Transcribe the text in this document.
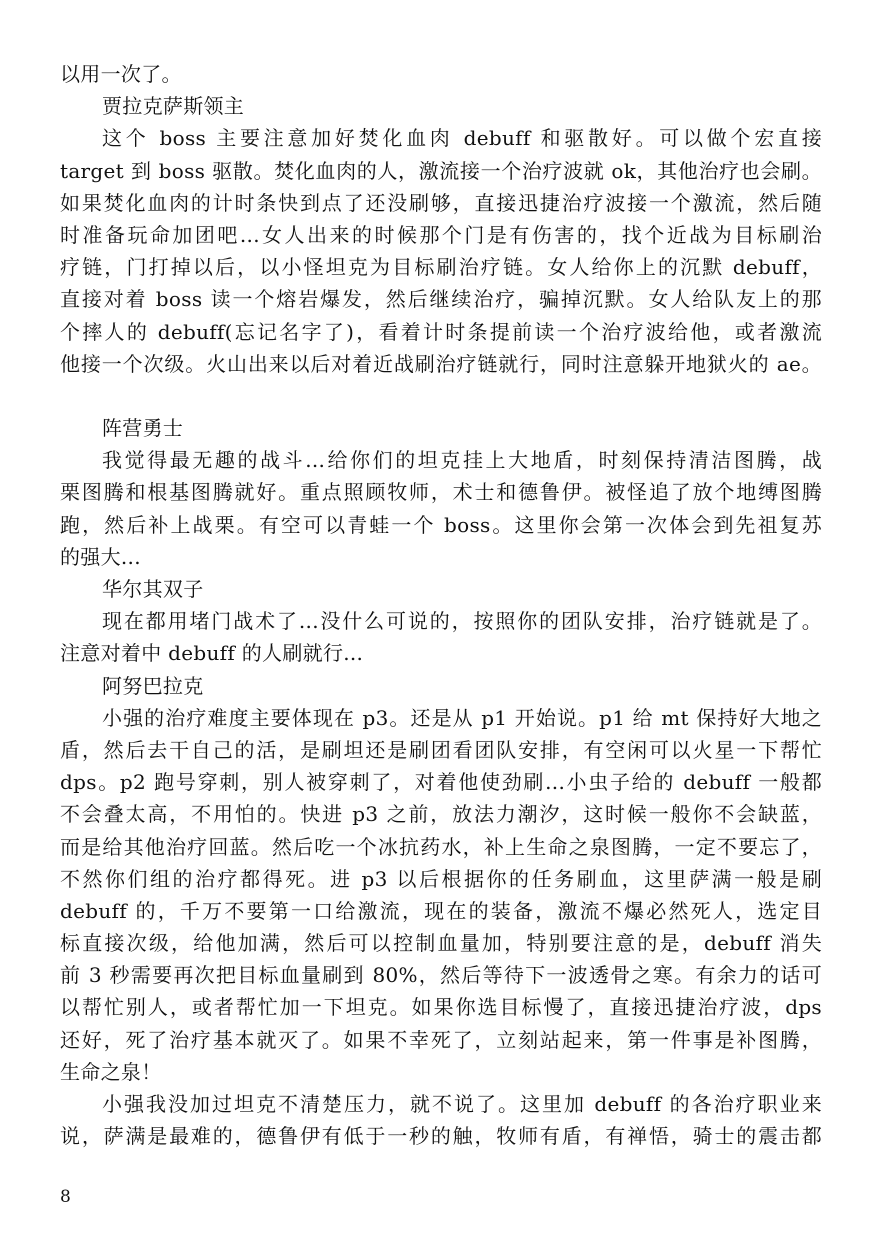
以用一次了。
贾拉克萨斯领主
这个 boss 主要注意加好焚化血肉 debuff 和驱散好。可以做个宏直接
target 到 boss 驱散。焚化血肉的人，激流接一个治疗波就 ok，其他治疗也会刷。
如果焚化血肉的计时条快到点了还没刷够，直接迅捷治疗波接一个激流，然后随
时准备玩命加团吧...女人出来的时候那个门是有伤害的，找个近战为目标刷治
疗链，门打掉以后，以小怪坦克为目标刷治疗链。女人给你上的沉默 debuff，
直接对着 boss 读一个熔岩爆发，然后继续治疗，骗掉沉默。女人给队友上的那
个摔人的 debuff(忘记名字了)，看着计时条提前读一个治疗波给他，或者激流
他接一个次级。火山出来以后对着近战刷治疗链就行，同时注意躲开地狱火的 ae。
阵营勇士
我觉得最无趣的战斗...给你们的坦克挂上大地盾，时刻保持清洁图腾，战
栗图腾和根基图腾就好。重点照顾牧师，术士和德鲁伊。被怪追了放个地缚图腾
跑，然后补上战栗。有空可以青蛙一个 boss。这里你会第一次体会到先祖复苏
的强大...
华尔其双子
现在都用堵门战术了...没什么可说的，按照你的团队安排，治疗链就是了。
注意对着中 debuff 的人刷就行...
阿努巴拉克
小强的治疗难度主要体现在 p3。还是从 p1 开始说。p1 给 mt 保持好大地之
盾，然后去干自己的活，是刷坦还是刷团看团队安排，有空闲可以火星一下帮忙
dps。p2 跑号穿刺，别人被穿刺了，对着他使劲刷...小虫子给的 debuff 一般都
不会叠太高，不用怕的。快进 p3 之前，放法力潮汐，这时候一般你不会缺蓝，
而是给其他治疗回蓝。然后吃一个冰抗药水，补上生命之泉图腾，一定不要忘了，
不然你们组的治疗都得死。进 p3 以后根据你的任务刷血，这里萨满一般是刷
debuff 的，千万不要第一口给激流，现在的装备，激流不爆必然死人，选定目
标直接次级，给他加满，然后可以控制血量加，特别要注意的是，debuff 消失
前 3 秒需要再次把目标血量刷到 80%，然后等待下一波透骨之寒。有余力的话可
以帮忙别人，或者帮忙加一下坦克。如果你选目标慢了，直接迅捷治疗波，dps
还好，死了治疗基本就灭了。如果不幸死了，立刻站起来，第一件事是补图腾，
生命之泉！
小强我没加过坦克不清楚压力，就不说了。这里加 debuff 的各治疗职业来
说，萨满是最难的，德鲁伊有低于一秒的触，牧师有盾，有禅悟，骑士的震击都
8
